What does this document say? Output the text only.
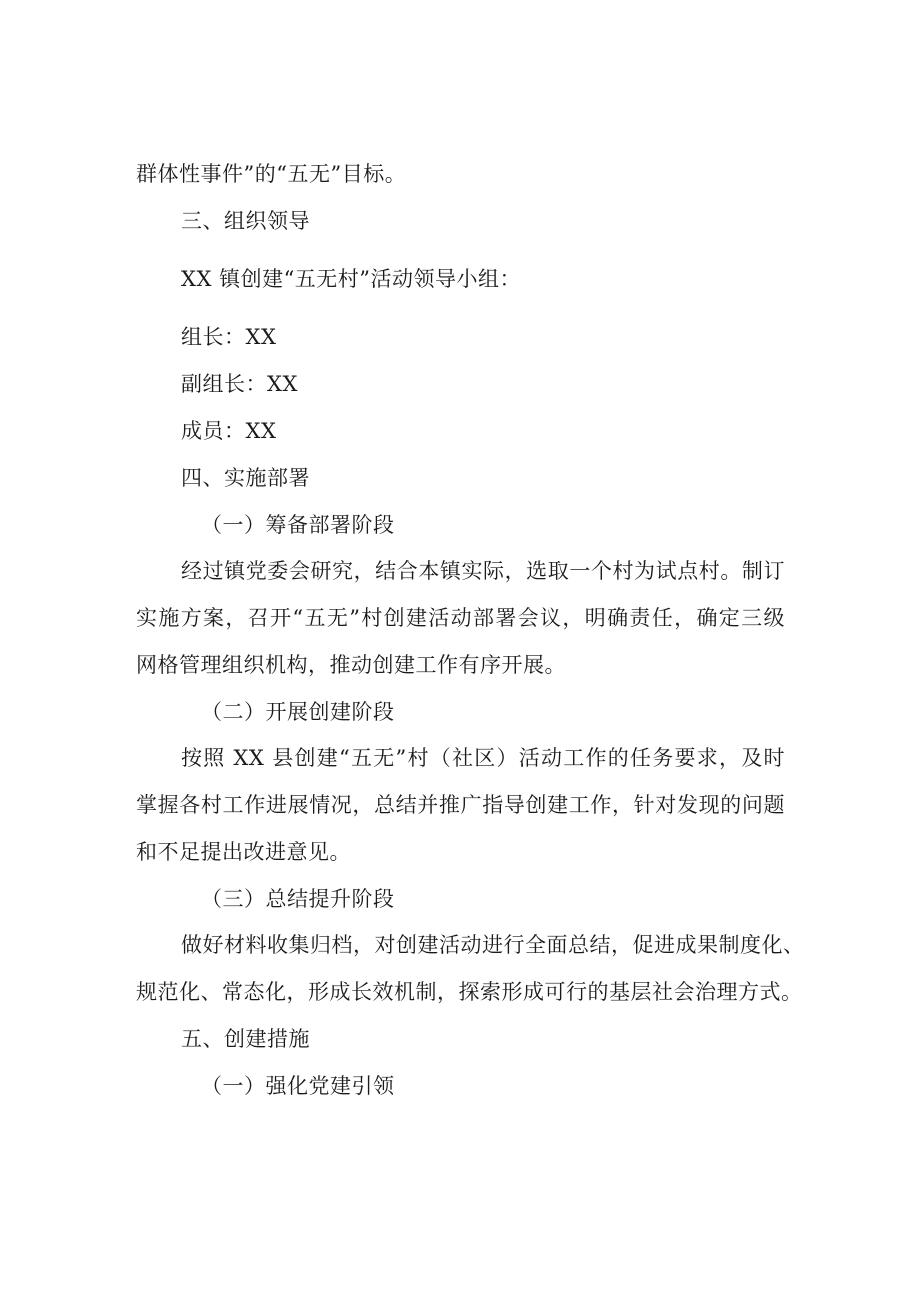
群体性事件”的“五无”目标。
三、组织领导
XX 镇创建“五无村”活动领导小组：
组长：XX
副组长：XX
成员：XX
四、实施部署
（一）筹备部署阶段
经过镇党委会研究，结合本镇实际，选取一个村为试点村。制订
实施方案，召开“五无”村创建活动部署会议，明确责任，确定三级
网格管理组织机构，推动创建工作有序开展。
（二）开展创建阶段
按照 XX 县创建“五无”村（社区）活动工作的任务要求，及时
掌握各村工作进展情况，总结并推广指导创建工作，针对发现的问题
和不足提出改进意见。
（三）总结提升阶段
做好材料收集归档，对创建活动进行全面总结，促进成果制度化、
规范化、常态化，形成长效机制，探索形成可行的基层社会治理方式。
五、创建措施
（一）强化党建引领
